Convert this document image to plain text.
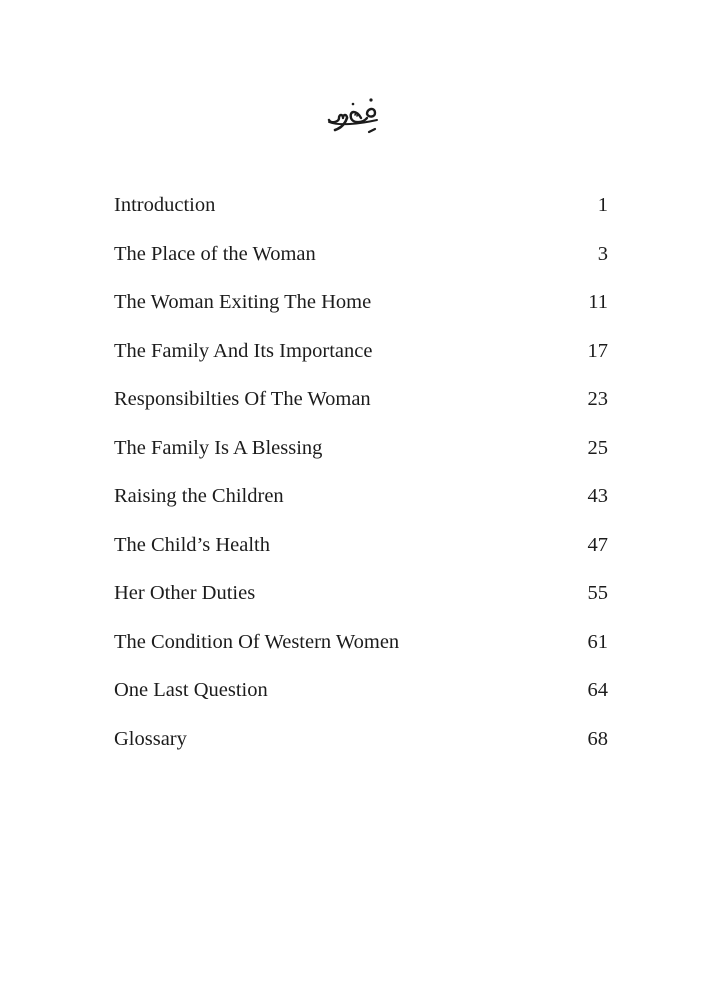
Introduction	1
The Place of the Woman	3
The Woman Exiting The Home	11
The Family And Its Importance	17
Responsibilties Of The Woman	23
The Family Is A Blessing	25
Raising the Children	43
The Child’s Health	47
Her Other Duties	55
The Condition Of Western Women	61
One Last Question	64
Glossary	68
